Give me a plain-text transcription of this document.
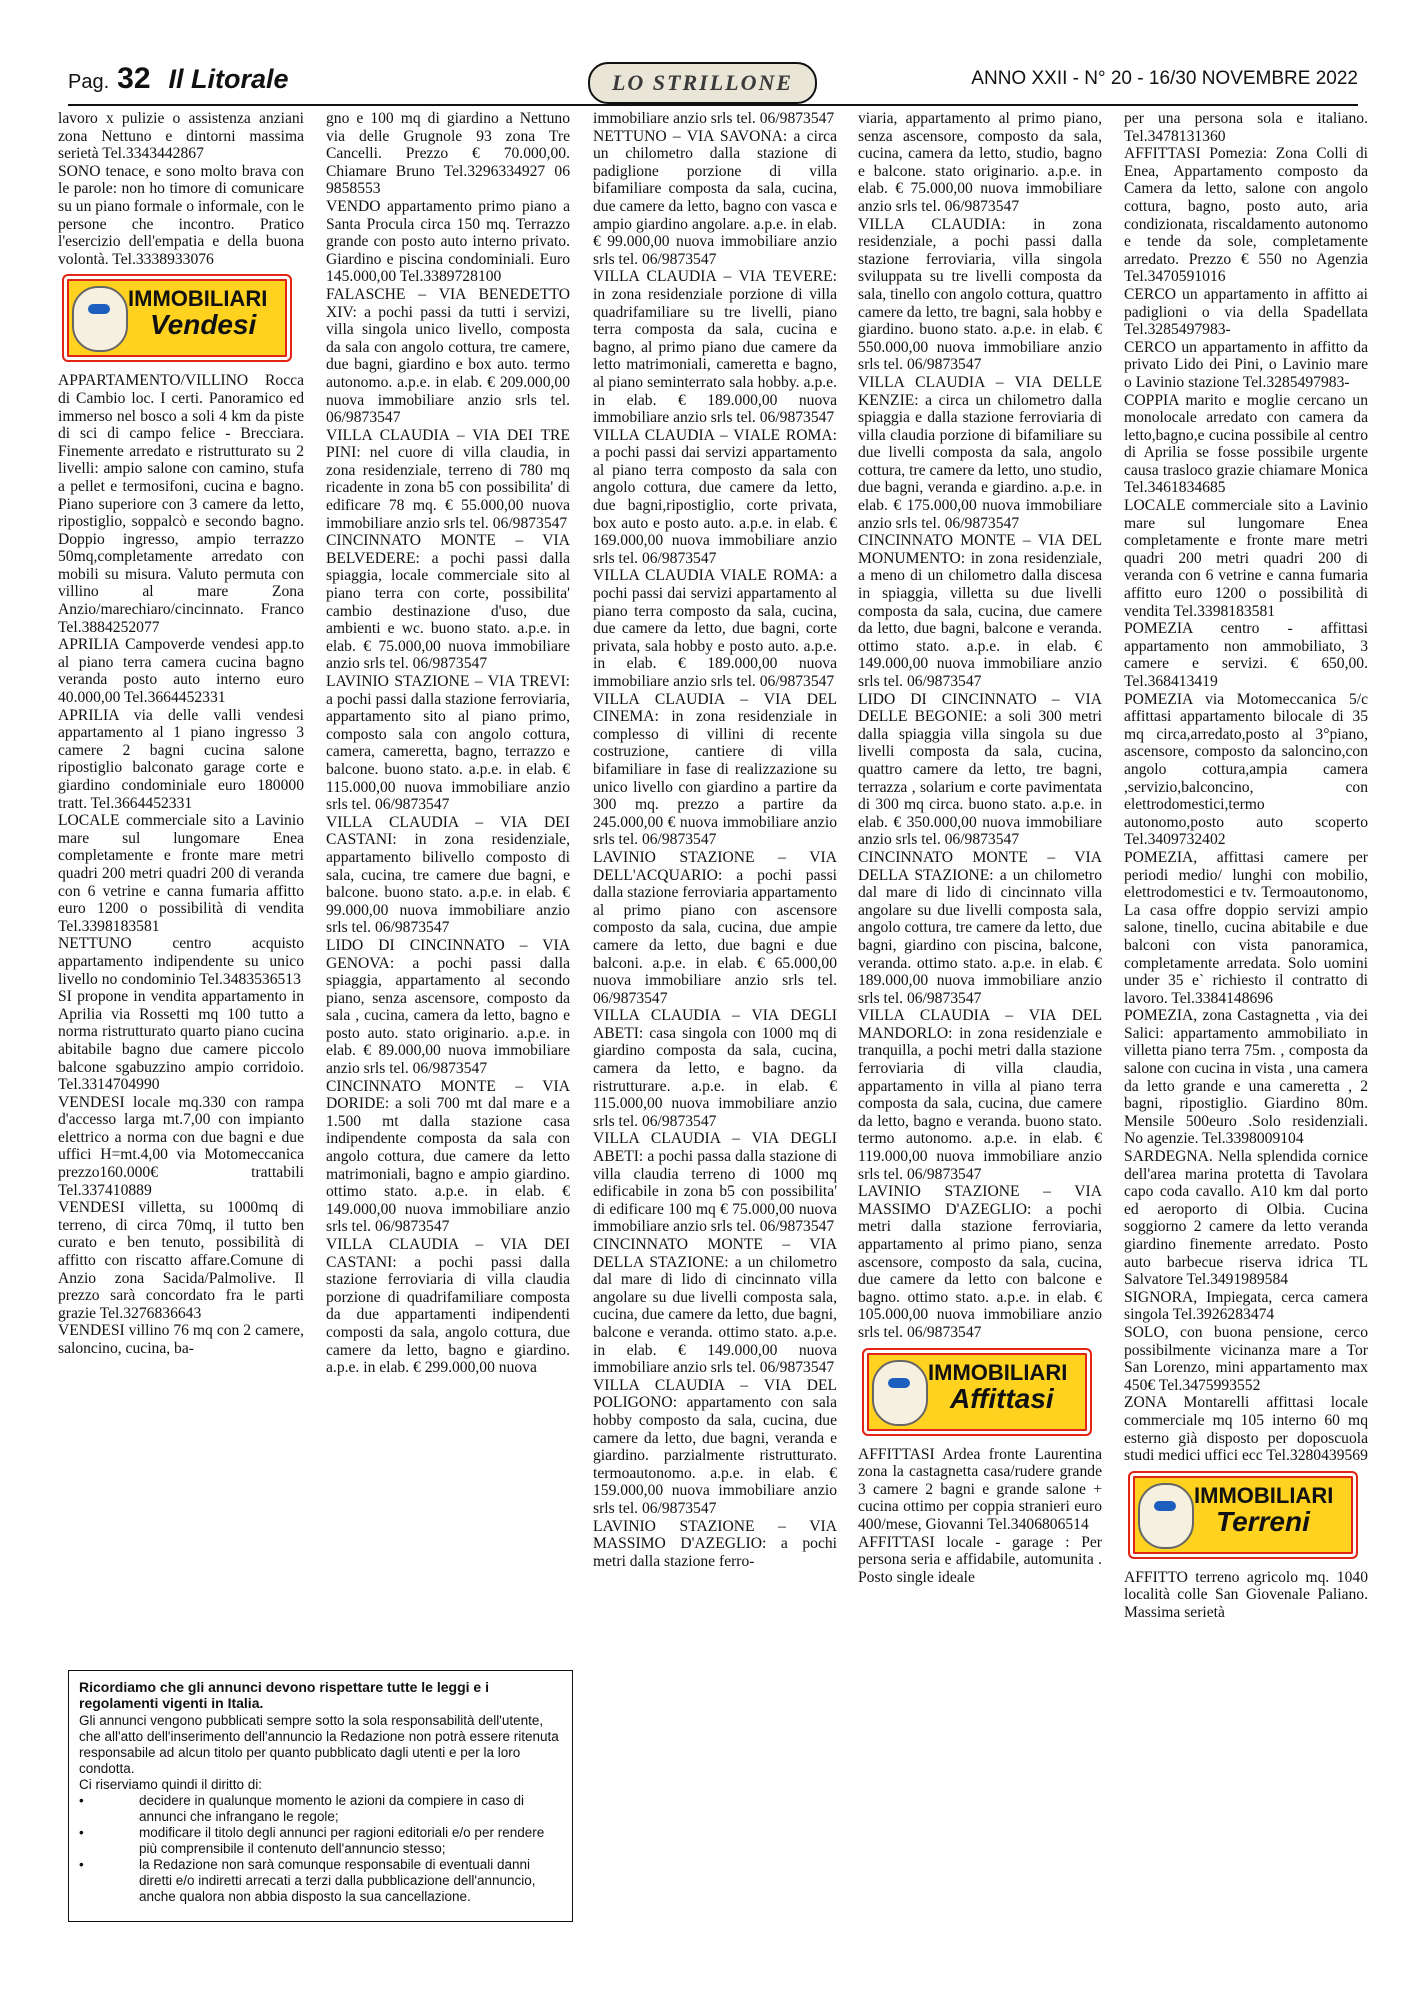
Pag. 32 Il Litorale	LO STRILLONE	ANNO XXII - N° 20 - 16/30 NOVEMBRE 2022

lavoro x pulizie o assistenza anziani zona Nettuno e dintorni massima serietà Tel.3343442867

SONO tenace, e sono molto brava con le parole: non ho timore di comunicare su un piano formale o informale, con le persone che incontro. Pratico l'esercizio dell'empatia e della buona volontà. Tel.3338933076

IMMOBILIARI
Vendesi

APPARTAMENTO/VILLINO Rocca di Cambio loc. I certi. Panoramico ed immerso nel bosco a soli 4 km da piste di sci di campo felice - Brecciara. Finemente arredato e ristrutturato su 2 livelli: ampio salone con camino, stufa a pellet e termosifoni, cucina e bagno. Piano superiore con 3 camere da letto, ripostiglio, soppalcò e secondo bagno. Doppio ingresso, ampio terrazzo 50mq,completamente arredato con mobili su misura. Valuto permuta con villino al mare Zona Anzio/marechiaro/cincinnato. Franco Tel.3884252077

APRILIA Campoverde vendesi app.to al piano terra camera cucina bagno veranda posto auto interno euro 40.000,00 Tel.3664452331

APRILIA via delle valli vendesi appartamento al 1 piano ingresso 3 camere 2 bagni cucina salone ripostiglio balconato garage corte e giardino condominiale euro 180000 tratt. Tel.3664452331

LOCALE commerciale sito a Lavinio mare sul lungomare Enea completamente e fronte mare metri quadri 200 metri quadri 200 di veranda con 6 vetrine e canna fumaria affitto euro 1200 o possibilità di vendita Tel.3398183581

NETTUNO centro acquisto appartamento indipendente su unico livello no condominio Tel.3483536513

SI propone in vendita appartamento in Aprilia via Rossetti mq 100 tutto a norma ristrutturato quarto piano cucina abitabile bagno due camere piccolo balcone sgabuzzino ampio corridoio. Tel.3314704990

VENDESI locale mq.330 con rampa d'accesso larga mt.7,00 con impianto elettrico a norma con due bagni e due uffici H=mt.4,00 via Motomeccanica prezzo160.000€ trattabili Tel.337410889

VENDESI villetta, su 1000mq di terreno, di circa 70mq, il tutto ben curato e ben tenuto, possibilità di affitto con riscatto affare.Comune di Anzio zona Sacida/Palmolive. Il prezzo sarà concordato fra le parti grazie Tel.3276836643

VENDESI villino 76 mq con 2 camere, saloncino, cucina, ba-

gno e 100 mq di giardino a Nettuno via delle Grugnole 93 zona Tre Cancelli. Prezzo € 70.000,00. Chiamare Bruno Tel.3296334927 06 9858553

VENDO appartamento primo piano a Santa Procula circa 150 mq. Terrazzo grande con posto auto interno privato. Giardino e piscina condominiali. Euro 145.000,00 Tel.3389728100

FALASCHE – VIA BENEDETTO XIV: a pochi passi da tutti i servizi, villa singola unico livello, composta da sala con angolo cottura, tre camere, due bagni, giardino e box auto. termo autonomo. a.p.e. in elab. € 209.000,00 nuova immobiliare anzio srls tel. 06/9873547

VILLA CLAUDIA – VIA DEI TRE PINI: nel cuore di villa claudia, in zona residenziale, terreno di 780 mq ricadente in zona b5 con possibilita' di edificare 78 mq. € 55.000,00 nuova immobiliare anzio srls tel. 06/9873547

CINCINNATO MONTE – VIA BELVEDERE: a pochi passi dalla spiaggia, locale commerciale sito al piano terra con corte, possibilita' cambio destinazione d'uso, due ambienti e wc. buono stato. a.p.e. in elab. € 75.000,00 nuova immobiliare anzio srls tel. 06/9873547

LAVINIO STAZIONE – VIA TREVI: a pochi passi dalla stazione ferroviaria, appartamento sito al piano primo, composto sala con angolo cottura, camera, cameretta, bagno, terrazzo e balcone. buono stato. a.p.e. in elab. € 115.000,00 nuova immobiliare anzio srls tel. 06/9873547

VILLA CLAUDIA – VIA DEI CASTANI: in zona residenziale, appartamento bilivello composto di sala, cucina, tre camere due bagni, e balcone. buono stato. a.p.e. in elab. € 99.000,00 nuova immobiliare anzio srls tel. 06/9873547

LIDO DI CINCINNATO – VIA GENOVA: a pochi passi dalla spiaggia, appartamento al secondo piano, senza ascensore, composto da sala , cucina, camera da letto, bagno e posto auto. stato originario. a.p.e. in elab. € 89.000,00 nuova immobiliare anzio srls tel. 06/9873547

CINCINNATO MONTE – VIA DORIDE: a soli 700 mt dal mare e a 1.500 mt dalla stazione casa indipendente composta da sala con angolo cottura, due camere da letto matrimoniali, bagno e ampio giardino. ottimo stato. a.p.e. in elab. € 149.000,00 nuova immobiliare anzio srls tel. 06/9873547

VILLA CLAUDIA – VIA DEI CASTANI: a pochi passi dalla stazione ferroviaria di villa claudia porzione di quadrifamiliare composta da due appartamenti indipendenti composti da sala, angolo cottura, due camere da letto, bagno e giardino. a.p.e. in elab. € 299.000,00 nuova

Ricordiamo che gli annunci devono rispettare tutte le leggi e i regolamenti vigenti in Italia.

Gli annunci vengono pubblicati sempre sotto la sola responsabilità dell'utente, che all'atto dell'inserimento dell'annuncio la Redazione non potrà essere ritenuta responsabile ad alcun titolo per quanto pubblicato dagli utenti e per la loro condotta.

Ci riserviamo quindi il diritto di:

•	decidere in qualunque momento le azioni da compiere in caso di annunci che infrangano le regole;
•	modificare il titolo degli annunci per ragioni editoriali e/o per rendere più comprensibile il contenuto dell'annuncio stesso;
•	la Redazione non sarà comunque responsabile di eventuali danni diretti e/o indiretti arrecati a terzi dalla pubblicazione dell'annuncio, anche qualora non abbia disposto la sua cancellazione.

immobiliare anzio srls tel. 06/9873547

NETTUNO – VIA SAVONA: a circa un chilometro dalla stazione di padiglione porzione di villa bifamiliare composta da sala, cucina, due camere da letto, bagno con vasca e ampio giardino angolare. a.p.e. in elab. € 99.000,00 nuova immobiliare anzio srls tel. 06/9873547

VILLA CLAUDIA – VIA TEVERE: in zona residenziale porzione di villa quadrifamiliare su tre livelli, piano terra composta da sala, cucina e bagno, al primo piano due camere da letto matrimoniali, cameretta e bagno, al piano seminterrato sala hobby. a.p.e. in elab. € 189.000,00 nuova immobiliare anzio srls tel. 06/9873547

VILLA CLAUDIA – VIALE ROMA: a pochi passi dai servizi appartamento al piano terra composto da sala con angolo cottura, due camere da letto, due bagni,ripostiglio, corte privata, box auto e posto auto. a.p.e. in elab. € 169.000,00 nuova immobiliare anzio srls tel. 06/9873547

VILLA CLAUDIA VIALE ROMA: a pochi passi dai servizi appartamento al piano terra composto da sala, cucina, due camere da letto, due bagni, corte privata, sala hobby e posto auto. a.p.e. in elab. € 189.000,00 nuova immobiliare anzio srls tel. 06/9873547

VILLA CLAUDIA – VIA DEL CINEMA: in zona residenziale in complesso di villini di recente costruzione, cantiere di villa bifamiliare in fase di realizzazione su unico livello con giardino a partire da 300 mq. prezzo a partire da 245.000,00 € nuova immobiliare anzio srls tel. 06/9873547

LAVINIO STAZIONE – VIA DELL'ACQUARIO: a pochi passi dalla stazione ferroviaria appartamento al primo piano con ascensore composto da sala, cucina, due ampie camere da letto, due bagni e due balconi. a.p.e. in elab. € 65.000,00 nuova immobiliare anzio srls tel. 06/9873547

VILLA CLAUDIA – VIA DEGLI ABETI: casa singola con 1000 mq di giardino composta da sala, cucina, camera da letto, e bagno. da ristrutturare. a.p.e. in elab. € 115.000,00 nuova immobiliare anzio srls tel. 06/9873547

VILLA CLAUDIA – VIA DEGLI ABETI: a pochi passa dalla stazione di villa claudia terreno di 1000 mq edificabile in zona b5 con possibilita' di edificare 100 mq € 75.000,00 nuova immobiliare anzio srls tel. 06/9873547

CINCINNATO MONTE – VIA DELLA STAZIONE: a un chilometro dal mare di lido di cincinnato villa angolare su due livelli composta sala, cucina, due camere da letto, due bagni, balcone e veranda. ottimo stato. a.p.e. in elab. € 149.000,00 nuova immobiliare anzio srls tel. 06/9873547

VILLA CLAUDIA – VIA DEL POLIGONO: appartamento con sala hobby composto da sala, cucina, due camere da letto, due bagni, veranda e giardino. parzialmente ristrutturato. termoautonomo. a.p.e. in elab. € 159.000,00 nuova immobiliare anzio srls tel. 06/9873547

LAVINIO STAZIONE – VIA MASSIMO D'AZEGLIO: a pochi metri dalla stazione ferro-

viaria, appartamento al primo piano, senza ascensore, composto da sala, cucina, camera da letto, studio, bagno e balcone. stato originario. a.p.e. in elab. € 75.000,00 nuova immobiliare anzio srls tel. 06/9873547

VILLA CLAUDIA: in zona residenziale, a pochi passi dalla stazione ferroviaria, villa singola sviluppata su tre livelli composta da sala, tinello con angolo cottura, quattro camere da letto, tre bagni, sala hobby e giardino. buono stato. a.p.e. in elab. € 550.000,00 nuova immobiliare anzio srls tel. 06/9873547

VILLA CLAUDIA – VIA DELLE KENZIE: a circa un chilometro dalla spiaggia e dalla stazione ferroviaria di villa claudia porzione di bifamiliare su due livelli composta da sala, angolo cottura, tre camere da letto, uno studio, due bagni, veranda e giardino. a.p.e. in elab. € 175.000,00 nuova immobiliare anzio srls tel. 06/9873547

CINCINNATO MONTE – VIA DEL MONUMENTO: in zona residenziale, a meno di un chilometro dalla discesa in spiaggia, villetta su due livelli composta da sala, cucina, due camere da letto, due bagni, balcone e veranda. ottimo stato. a.p.e. in elab. € 149.000,00 nuova immobiliare anzio srls tel. 06/9873547

LIDO DI CINCINNATO – VIA DELLE BEGONIE: a soli 300 metri dalla spiaggia villa singola su due livelli composta da sala, cucina, quattro camere da letto, tre bagni, terrazza , solarium e corte pavimentata di 300 mq circa. buono stato. a.p.e. in elab. € 350.000,00 nuova immobiliare anzio srls tel. 06/9873547

CINCINNATO MONTE – VIA DELLA STAZIONE: a un chilometro dal mare di lido di cincinnato villa angolare su due livelli composta sala, angolo cottura, tre camere da letto, due bagni, giardino con piscina, balcone, veranda. ottimo stato. a.p.e. in elab. € 189.000,00 nuova immobiliare anzio srls tel. 06/9873547

VILLA CLAUDIA – VIA DEL MANDORLO: in zona residenziale e tranquilla, a pochi metri dalla stazione ferroviaria di villa claudia, appartamento in villa al piano terra composta da sala, cucina, due camere da letto, bagno e veranda. buono stato. termo autonomo. a.p.e. in elab. € 119.000,00 nuova immobiliare anzio srls tel. 06/9873547

LAVINIO STAZIONE – VIA MASSIMO D'AZEGLIO: a pochi metri dalla stazione ferroviaria, appartamento al primo piano, senza ascensore, composto da sala, cucina, due camere da letto con balcone e bagno. ottimo stato. a.p.e. in elab. € 105.000,00 nuova immobiliare anzio srls tel. 06/9873547

IMMOBILIARI
Affittasi

AFFITTASI Ardea fronte Laurentina zona la castagnetta casa/rudere grande 3 camere 2 bagni e grande salone + cucina ottimo per coppia stranieri euro 400/mese, Giovanni Tel.3406806514

AFFITTASI locale - garage : Per persona seria e affidabile, automunita . Posto single ideale

per una persona sola e italiano. Tel.3478131360

AFFITTASI Pomezia: Zona Colli di Enea, Appartamento composto da Camera da letto, salone con angolo cottura, bagno, posto auto, aria condizionata, riscaldamento autonomo e tende da sole, completamente arredato. Prezzo € 550 no Agenzia Tel.3470591016

CERCO un appartamento in affitto ai padiglioni o via della Spadellata Tel.3285497983-

CERCO un appartamento in affitto da privato Lido dei Pini, o Lavinio mare o Lavinio stazione Tel.3285497983-

COPPIA marito e moglie cercano un monolocale arredato con camera da letto,bagno,e cucina possibile al centro di Aprilia se fosse possibile urgente causa trasloco grazie chiamare Monica Tel.3461834685

LOCALE commerciale sito a Lavinio mare sul lungomare Enea completamente e fronte mare metri quadri 200 metri quadri 200 di veranda con 6 vetrine e canna fumaria affitto euro 1200 o possibilità di vendita Tel.3398183581

POMEZIA centro - affittasi appartamento non ammobiliato, 3 camere e servizi. € 650,00. Tel.368413419

POMEZIA via Motomeccanica 5/c affittasi appartamento bilocale di 35 mq circa,arredato,posto al 3°piano, ascensore, composto da saloncino,con angolo cottura,ampia camera ,servizio,balconcino, con elettrodomestici,termo autonomo,posto auto scoperto Tel.3409732402

POMEZIA, affittasi camere per periodi medio/ lunghi con mobilio, elettrodomestici e tv. Termoautonomo, La casa offre doppio servizi ampio salone, tinello, cucina abitabile e due balconi con vista panoramica, completamente arredata. Solo uomini under 35 e` richiesto il contratto di lavoro. Tel.3384148696

POMEZIA, zona Castagnetta , via dei Salici: appartamento ammobiliato in villetta piano terra 75m. , composta da salone con cucina in vista , una camera da letto grande e una cameretta , 2 bagni, ripostiglio. Giardino 80m. Mensile 500euro .Solo residenziali. No agenzie. Tel.3398009104

SARDEGNA. Nella splendida cornice dell'area marina protetta di Tavolara capo coda cavallo. A10 km dal porto ed aeroporto di Olbia. Cucina soggiorno 2 camere da letto veranda giardino finemente arredato. Posto auto barbecue riserva idrica TL Salvatore Tel.3491989584

SIGNORA, Impiegata, cerca camera singola Tel.3926283474

SOLO, con buona pensione, cerco possibilmente vicinanza mare a Tor San Lorenzo, mini appartamento max 450€ Tel.3475993552

ZONA Montarelli affittasi locale commerciale mq 105 interno 60 mq esterno già disposto per doposcuola studi medici uffici ecc Tel.3280439569

IMMOBILIARI
Terreni

AFFITTO terreno agricolo mq. 1040 località colle San Giovenale Paliano. Massima serietà
